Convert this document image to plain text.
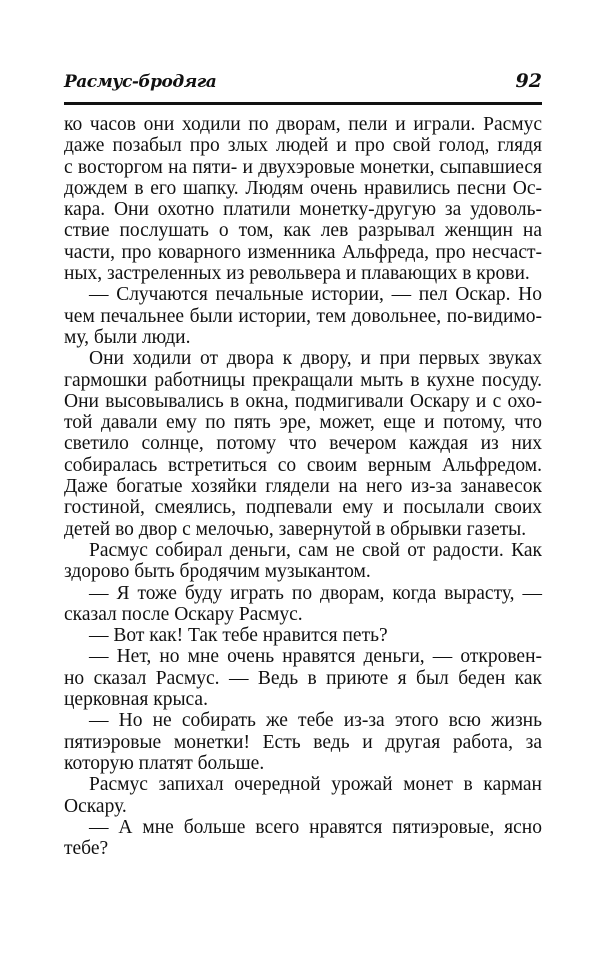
Расмус-бродяга	92
ко часов они ходили по дворам, пели и играли. Расмус
даже позабыл про злых людей и про свой голод, глядя
с восторгом на пяти- и двухэровые монетки, сыпавшиеся
дождем в его шапку. Людям очень нравились песни Ос-
кара. Они охотно платили монетку-другую за удоволь-
ствие послушать о том, как лев разрывал женщин на
части, про коварного изменника Альфреда, про несчаст-
ных, застреленных из револьвера и плавающих в крови.
— Случаются печальные истории, — пел Оскар. Но
чем печальнее были истории, тем довольнее, по-видимо-
му, были люди.
Они ходили от двора к двору, и при первых звуках
гармошки работницы прекращали мыть в кухне посуду.
Они высовывались в окна, подмигивали Оскару и с охо-
той давали ему по пять эре, может, еще и потому, что
светило солнце, потому что вечером каждая из них
собиралась встретиться со своим верным Альфредом.
Даже богатые хозяйки глядели на него из-за занавесок
гостиной, смеялись, подпевали ему и посылали своих
детей во двор с мелочью, завернутой в обрывки газеты.
Расмус собирал деньги, сам не свой от радости. Как
здорово быть бродячим музыкантом.
— Я тоже буду играть по дворам, когда вырасту, —
сказал после Оскару Расмус.
— Вот как! Так тебе нравится петь?
— Нет, но мне очень нравятся деньги, — откровен-
но сказал Расмус. — Ведь в приюте я был беден как
церковная крыса.
— Но не собирать же тебе из-за этого всю жизнь
пятиэровые монетки! Есть ведь и другая работа, за
которую платят больше.
Расмус запихал очередной урожай монет в карман
Оскару.
— А мне больше всего нравятся пятиэровые, ясно
тебе?
